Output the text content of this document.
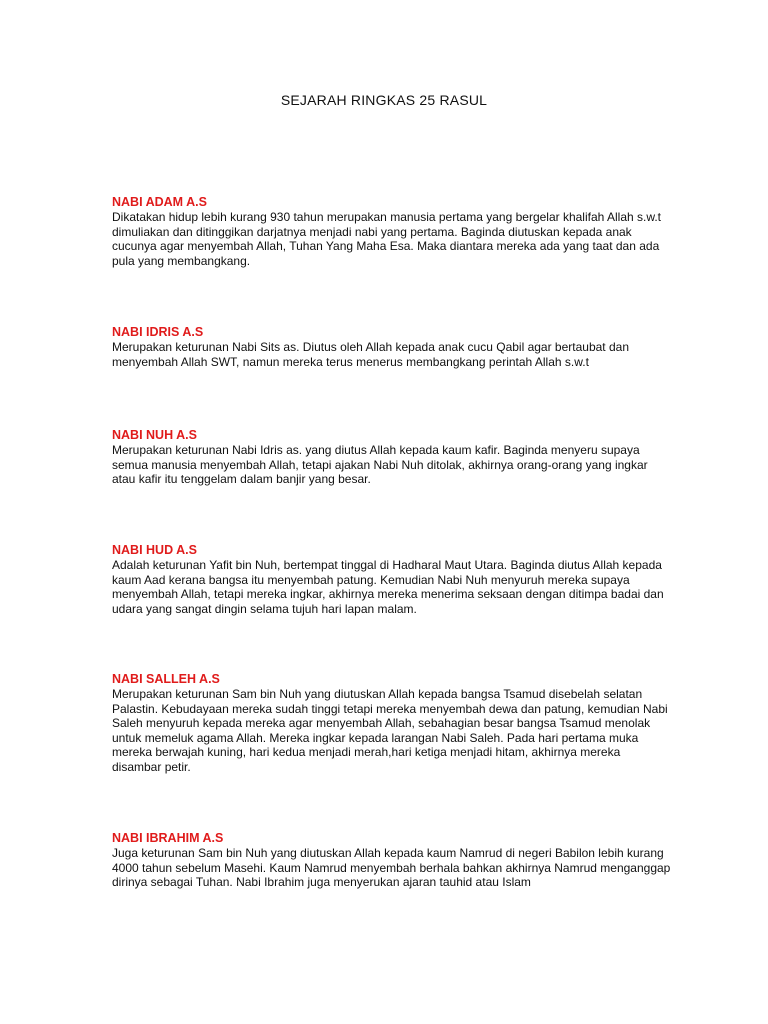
SEJARAH RINGKAS 25 RASUL
NABI ADAM A.S

Dikatakan hidup lebih kurang 930 tahun merupakan manusia pertama yang bergelar khalifah Allah s.w.t dimuliakan dan ditinggikan darjatnya menjadi nabi yang pertama. Baginda diutuskan kepada anak cucunya agar menyembah Allah, Tuhan Yang Maha Esa. Maka diantara mereka ada yang taat dan ada pula yang membangkang.

NABI IDRIS A.S

Merupakan keturunan Nabi Sits as. Diutus oleh Allah kepada anak cucu Qabil agar bertaubat dan menyembah Allah SWT, namun mereka terus menerus membangkang perintah Allah s.w.t

NABI NUH A.S

Merupakan keturunan Nabi Idris as. yang diutus Allah kepada kaum kafir. Baginda menyeru supaya semua manusia menyembah Allah, tetapi ajakan Nabi Nuh ditolak, akhirnya orang-orang yang ingkar atau kafir itu tenggelam dalam banjir yang besar.

NABI HUD A.S

Adalah keturunan Yafit bin Nuh, bertempat tinggal di Hadharal Maut Utara. Baginda diutus Allah kepada kaum Aad kerana bangsa itu menyembah patung. Kemudian Nabi Nuh menyuruh mereka supaya menyembah Allah, tetapi mereka ingkar, akhirnya mereka menerima seksaan dengan ditimpa badai dan udara yang sangat dingin selama tujuh hari lapan malam.

NABI SALLEH A.S

Merupakan keturunan Sam bin Nuh yang diutuskan Allah kepada bangsa Tsamud disebelah selatan Palastin. Kebudayaan mereka sudah tinggi tetapi mereka menyembah dewa dan patung, kemudian Nabi Saleh menyuruh kepada mereka agar menyembah Allah, sebahagian besar bangsa Tsamud menolak untuk memeluk agama Allah. Mereka ingkar kepada larangan Nabi Saleh. Pada hari pertama muka mereka berwajah kuning, hari kedua menjadi merah,hari ketiga menjadi hitam, akhirnya mereka disambar petir.

NABI IBRAHIM A.S

Juga keturunan Sam bin Nuh yang diutuskan Allah kepada kaum Namrud di negeri Babilon lebih kurang 4000 tahun sebelum Masehi. Kaum Namrud menyembah berhala bahkan akhirnya Namrud menganggap dirinya sebagai Tuhan. Nabi Ibrahim juga menyerukan ajaran tauhid atau Islam
